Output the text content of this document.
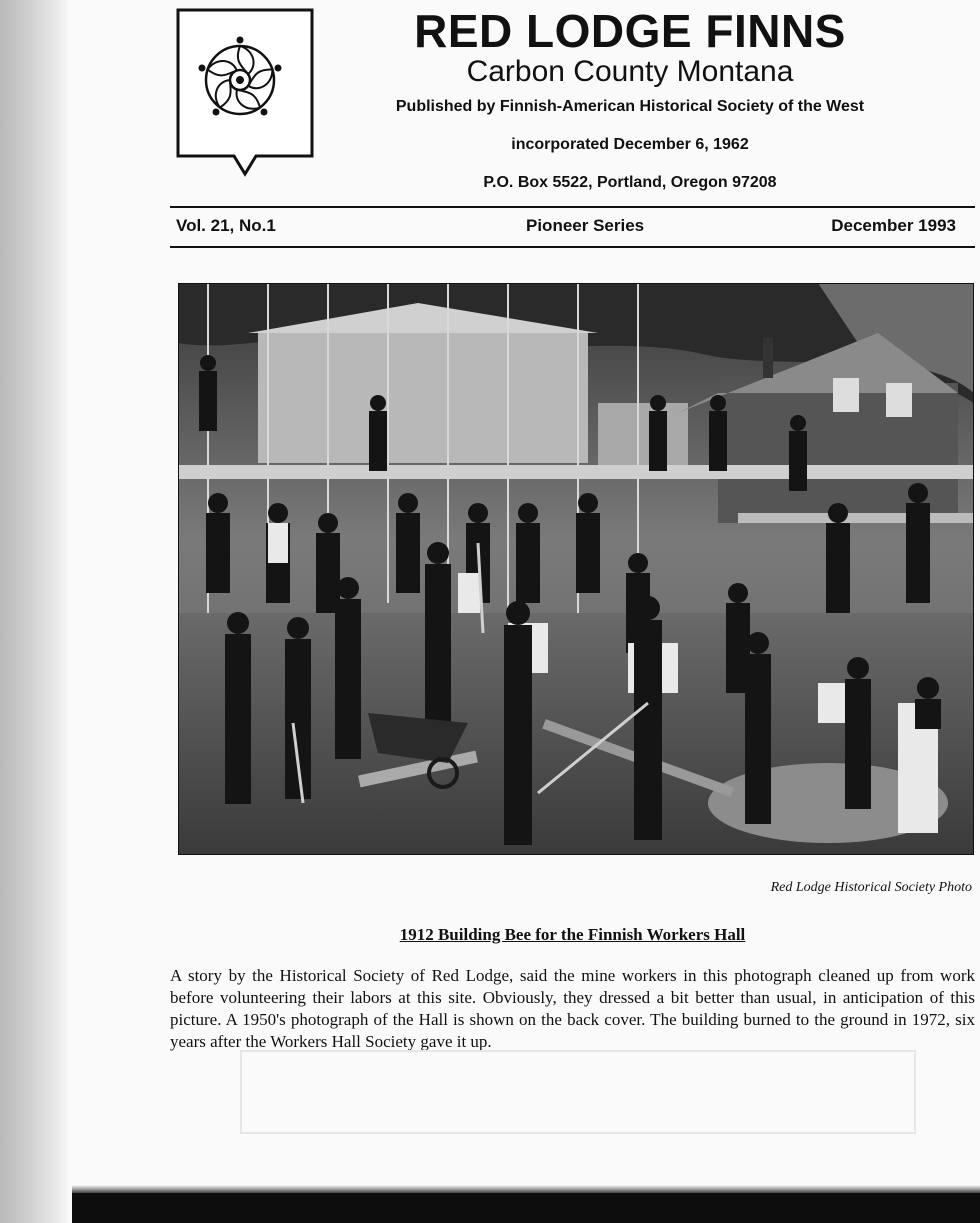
RED LODGE FINNS
Carbon County Montana
Published by Finnish-American Historical Society of the West
incorporated December 6, 1962
P.O. Box 5522, Portland, Oregon 97208
Vol. 21, No.1	Pioneer Series	December 1993
Red Lodge Historical Society Photo
1912 Building Bee for the Finnish Workers Hall
A story by the Historical Society of Red Lodge, said the mine workers in this photograph cleaned up from work before volunteering their labors at this site. Obviously, they dressed a bit better than usual, in anticipation of this picture. A 1950's photograph of the Hall is shown on the back cover. The building burned to the ground in 1972, six years after the Workers Hall Society gave it up.
